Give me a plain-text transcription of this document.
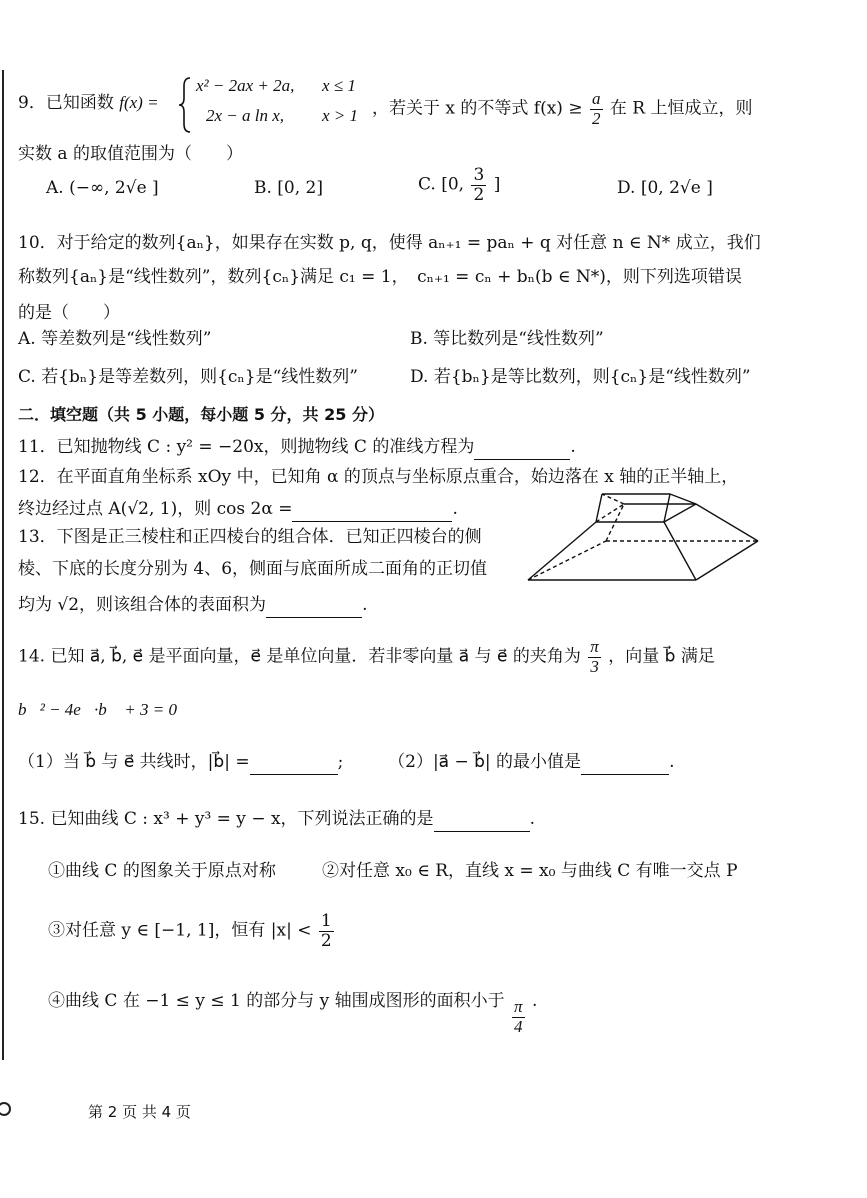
9．已知函数 f(x) =
x² − 2ax + 2a, x ≤ 1
2x − a ln x, x > 1 ，若关于 x 的不等式 $f(x) \ge \frac{a}{2}$ 在 R 上恒成立，则
实数 a 的取值范围为（　　）
A. (−∞, 2√e ]	B. [0, 2]	C. [0, $\frac{3}{2}$ ]	D. [0, 2√e ]
10．对于给定的数列{aₙ}，如果存在实数 p, q，使得 aₙ₊₁ = paₙ + q 对任意 n ∈ N* 成立，我们
称数列{aₙ}是“线性数列”，数列{cₙ}满足 c₁ = 1，　cₙ₊₁ = cₙ + bₙ(b ∈ N*)，则下列选项错误
的是（　　）
A. 等差数列是“线性数列”	B. 等比数列是“线性数列”
C. 若{bₙ}是等差数列，则{cₙ}是“线性数列”	D. 若{bₙ}是等比数列，则{cₙ}是“线性数列”
二．填空题（共 5 小题，每小题 5 分，共 25 分）
11．已知抛物线 C : y² = −20x，则抛物线 C 的准线方程为	.
12．在平面直角坐标系 xOy 中，已知角 α 的顶点与坐标原点重合，始边落在 x 轴的正半轴上，
终边经过点 A(√2, 1)，则 cos 2α =	.
13．下图是正三棱柱和正四棱台的组合体．已知正四棱台的侧
棱、下底的长度分别为 4、6，侧面与底面所成二面角的正切值
均为 √2，则该组合体的表面积为	.
14. 已知 a⃗, b⃗, e⃗ 是平面向量，e⃗ 是单位向量．若非零向量 a⃗ 与 e⃗ 的夹角为 $\frac{\pi}{3}$ ，向量 b⃗ 满足
b⃗² − 4e⃗·b⃗ + 3 = 0．
（1）当 b⃗ 与 e⃗ 共线时，|b⃗| =	;	（2）|a⃗ − b⃗| 的最小值是	.
15. 已知曲线 C : x³ + y³ = y − x，下列说法正确的是	.
①曲线 C 的图象关于原点对称	②对任意 x₀ ∈ R，直线 x = x₀ 与曲线 C 有唯一交点 P
③对任意 y ∈ [−1, 1]，恒有 $|x| < \frac{1}{2}$
④曲线 C 在 −1 ≤ y ≤ 1 的部分与 y 轴围成图形的面积小于 $\frac{\pi}{4}$ .
第 2 页 共 4 页
